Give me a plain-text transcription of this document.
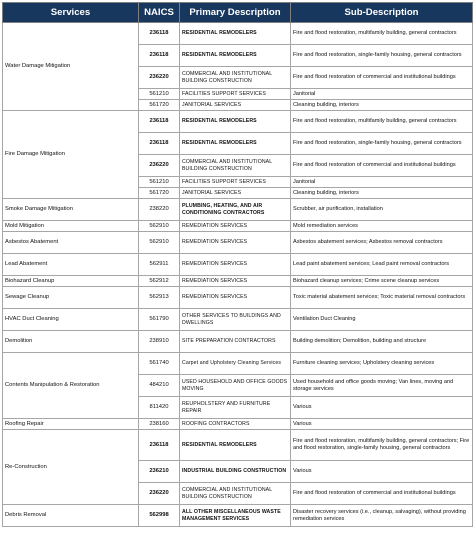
Services	NAICS	Primary Description	Sub-Description
Water Damage Mitigation	236118	RESIDENTIAL REMODELERS	Fire and flood restoration, multifamily building, general contractors
	236118	RESIDENTIAL REMODELERS	Fire and flood restoration, single-family housing, general contractors
	236220	COMMERCIAL AND INSTITUTIONAL BUILDING CONSTRUCTION	Fire and flood restoration of commercial and institutional buildings
	561210	FACILITIES SUPPORT SERVICES	Janitorial
	561720	JANITORIAL SERVICES	Cleaning building, interiors
Fire Damage Mitigation	236118	RESIDENTIAL REMODELERS	Fire and flood restoration, multifamily building, general contractors
	236118	RESIDENTIAL REMODELERS	Fire and flood restoration, single-family housing, general contractors
	236220	COMMERCIAL AND INSTITUTIONAL BUILDING CONSTRUCTION	Fire and flood restoration of commercial and institutional buildings
	561210	FACILITIES SUPPORT SERVICES	Janitorial
	561720	JANITORIAL SERVICES	Cleaning building, interiors
Smoke Damage Mitigation	238220	PLUMBING, HEATING, AND AIR CONDITIONING CONTRACTORS	Scrubber, air purification, installation
Mold Mitigation	562910	REMEDIATION SERVICES	Mold remediation services
Asbestos Abatement	562910	REMEDIATION SERVICES	Asbestos abatement services; Asbestos removal contractors
Lead Abatement	562911	REMEDIATION SERVICES	Lead paint abatement services; Lead paint removal contractors
Biohazard Cleanup	562912	REMEDIATION SERVICES	Biohazard cleanup services; Crime scene cleanup services
Sewage Cleanup	562913	REMEDIATION SERVICES	Toxic material abatement services; Toxic material removal contractors
HVAC Duct Cleaning	561790	OTHER SERVICES TO BUILDINGS AND DWELLINGS	Ventilation Duct Cleaning
Demolition	238910	SITE PREPARATION CONTRACTORS	Building demolition; Demolition, building and structure
Contents Manipulation & Restoration	561740	Carpet and Upholstery Cleaning Services	Furniture cleaning services; Upholstery cleaning services
	484210	USED HOUSEHOLD AND OFFICE GOODS MOVING	Used household and office goods moving; Van lines, moving and storage services
	811420	REUPHOLSTERY AND FURNITURE REPAIR	Various
Roofing Repair	238160	ROOFING CONTRACTORS	Various
Re-Construction	236118	RESIDENTIAL REMODELERS	Fire and flood restoration, multifamily building, general contractors; Fire and flood restoration, single-family housing, general contractors
	236210	INDUSTRIAL BUILDING CONSTRUCTION	Various
	236220	COMMERCIAL AND INSTITUTIONAL BUILDING CONSTRUCTION	Fire and flood restoration of commercial and institutional buildings
Debris Removal	562998	ALL OTHER MISCELLANEOUS WASTE MANAGEMENT SERVICES	Disaster recovery services (i.e., cleanup, salvaging), without providing remediation services
